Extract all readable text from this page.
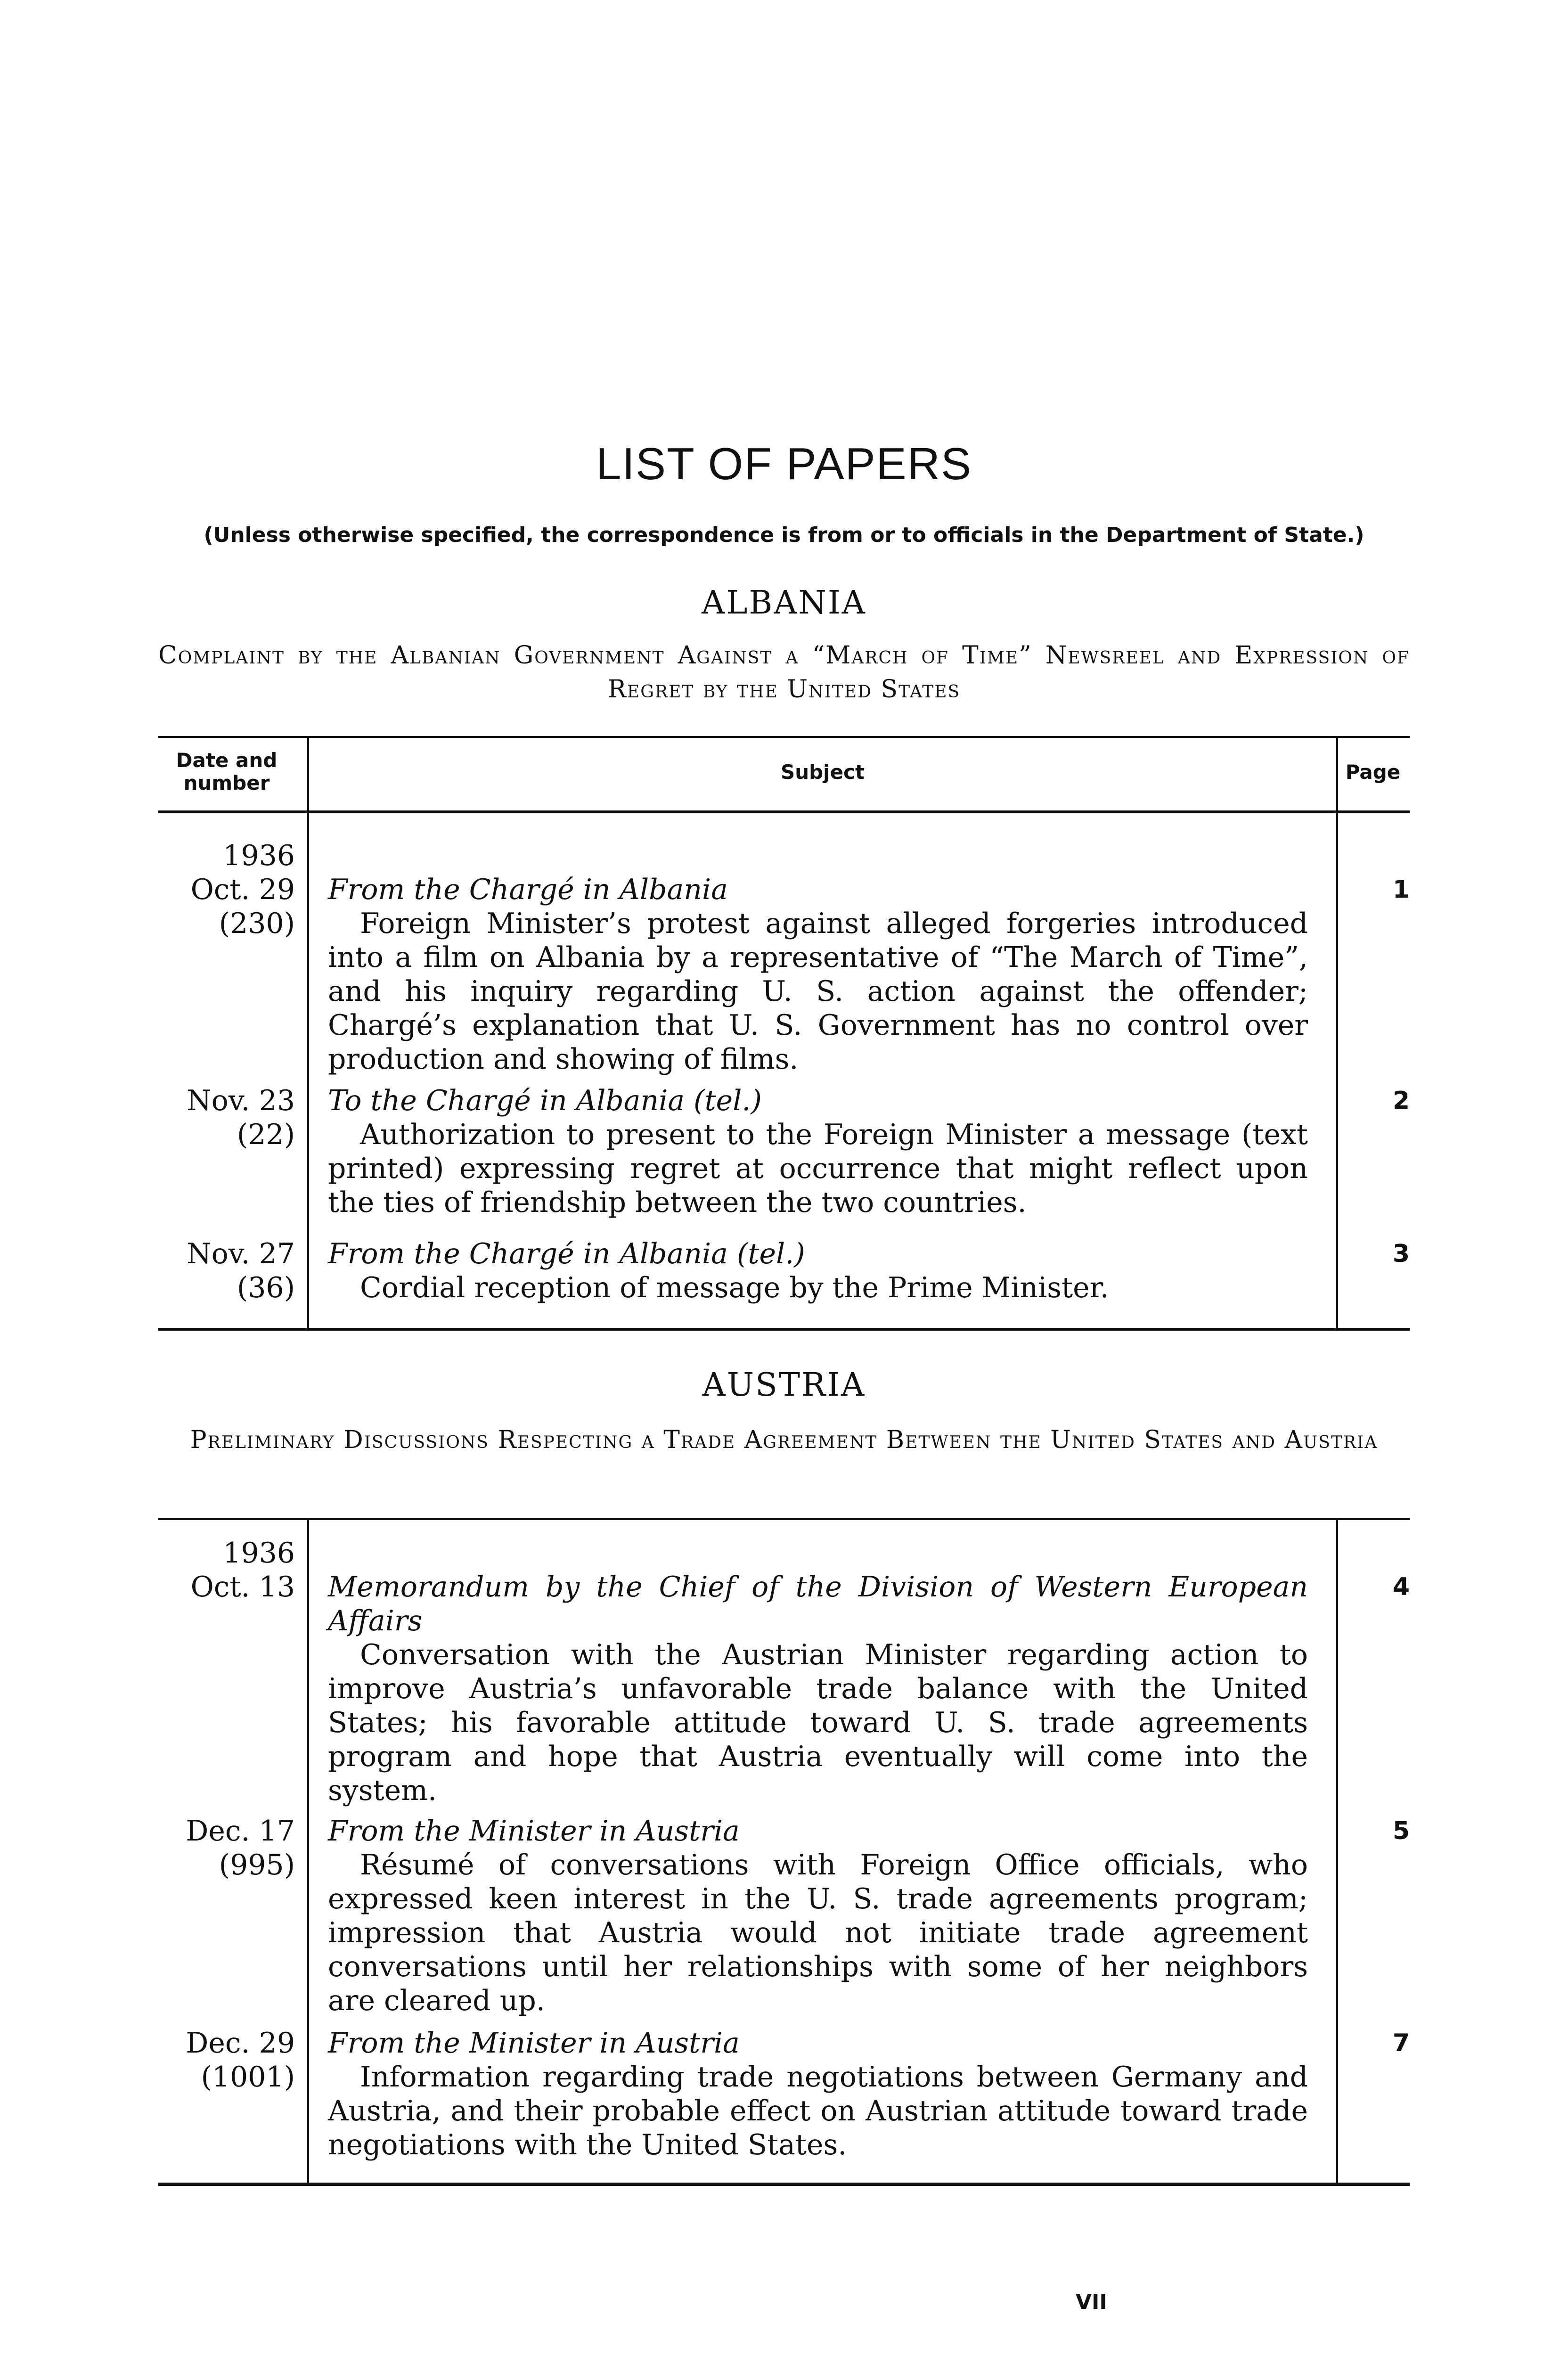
LIST OF PAPERS
(Unless otherwise specified, the correspondence is from or to officials in the Department of State.)
ALBANIA
Complaint by the Albanian Government Against a “March of Time” Newsreel and Expression of Regret by the United States
Date and number	Subject	Page
1936
Oct. 29
(230)
From the Chargé in Albania
Foreign Minister’s protest against alleged forgeries introduced into a film on Albania by a representative of “The March of Time”, and his inquiry regarding U. S. action against the offender; Chargé’s explanation that U. S. Government has no control over production and showing of films.
1
Nov. 23
(22)
To the Chargé in Albania (tel.)
Authorization to present to the Foreign Minister a message (text printed) expressing regret at occurrence that might reflect upon the ties of friendship between the two countries.
2
Nov. 27
(36)
From the Chargé in Albania (tel.)
Cordial reception of message by the Prime Minister.
3
AUSTRIA
Preliminary Discussions Respecting a Trade Agreement Between the United States and Austria
1936
Oct. 13 Memorandum by the Chief of the Division of Western European Affairs
Conversation with the Austrian Minister regarding action to improve Austria’s unfavorable trade balance with the United States; his favorable attitude toward U. S. trade agreements program and hope that Austria eventually will come into the system.
4
Dec. 17
(995)
From the Minister in Austria
Résumé of conversations with Foreign Office officials, who expressed keen interest in the U. S. trade agreements program; impression that Austria would not initiate trade agreement conversations until her relationships with some of her neighbors are cleared up.
5
Dec. 29
(1001)
From the Minister in Austria
Information regarding trade negotiations between Germany and Austria, and their probable effect on Austrian attitude toward trade negotiations with the United States.
7
VII
